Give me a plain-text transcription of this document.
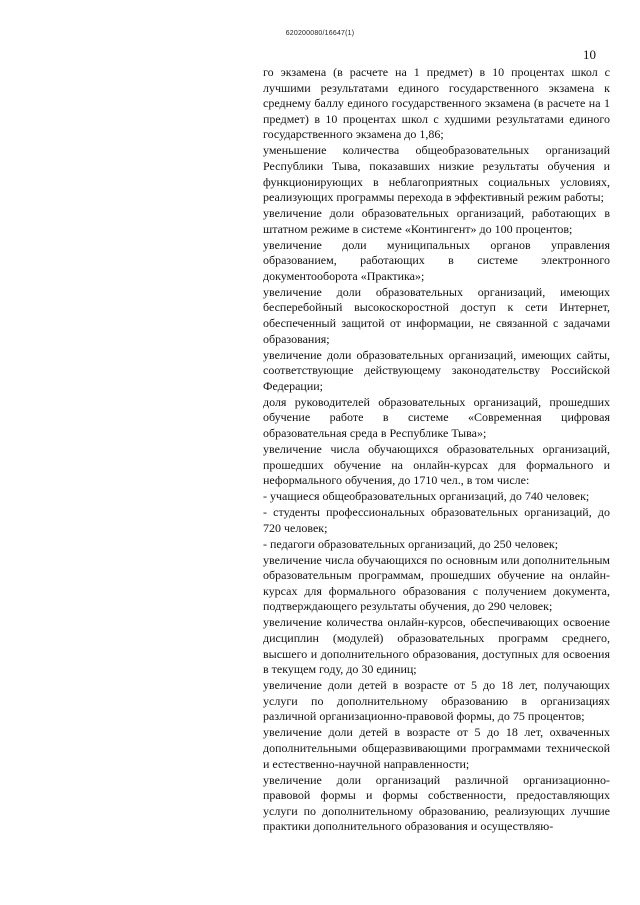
620200080/16647(1)
10

го экзамена (в расчете на 1 предмет) в 10 процентах школ с лучшими результатами единого государственного экзамена к среднему баллу единого государственного экзамена (в расчете на 1 предмет) в 10 процентах школ с худшими результатами единого государственного экзамена до 1,86;

уменьшение количества общеобразовательных организаций Республики Тыва, показавших низкие результаты обучения и функционирующих в неблагоприятных социальных условиях, реализующих программы перехода в эффективный режим работы;

увеличение доли образовательных организаций, работающих в штатном режиме в системе «Контингент» до 100 процентов;

увеличение доли муниципальных органов управления образованием, работающих в системе электронного документооборота «Практика»;

увеличение доли образовательных организаций, имеющих бесперебойный высокоскоростной доступ к сети Интернет, обеспеченный защитой от информации, не связанной с задачами образования;

увеличение доли образовательных организаций, имеющих сайты, соответствующие действующему законодательству Российской Федерации;

доля руководителей образовательных организаций, прошедших обучение работе в системе «Современная цифровая образовательная среда в Республике Тыва»;

увеличение числа обучающихся образовательных организаций, прошедших обучение на онлайн-курсах для формального и неформального обучения, до 1710 чел., в том числе:

- учащиеся общеобразовательных организаций, до 740 человек;

- студенты профессиональных образовательных организаций, до 720 человек;

- педагоги образовательных организаций, до 250 человек;

увеличение числа обучающихся по основным или дополнительным образовательным программам, прошедших обучение на онлайн-курсах для формального образования с получением документа, подтверждающего результаты обучения, до 290 человек;

увеличение количества онлайн-курсов, обеспечивающих освоение дисциплин (модулей) образовательных программ среднего, высшего и дополнительного образования, доступных для освоения в текущем году, до 30 единиц;

увеличение доли детей в возрасте от 5 до 18 лет, получающих услуги по дополнительному образованию в организациях различной организационно-правовой формы, до 75 процентов;

увеличение доли детей в возрасте от 5 до 18 лет, охваченных дополнительными общеразвивающими программами технической и естественно-научной направленности;

увеличение доли организаций различной организационно-правовой формы и формы собственности, предоставляющих услуги по дополнительному образованию, реализующих лучшие практики дополнительного образования и осуществляю-
